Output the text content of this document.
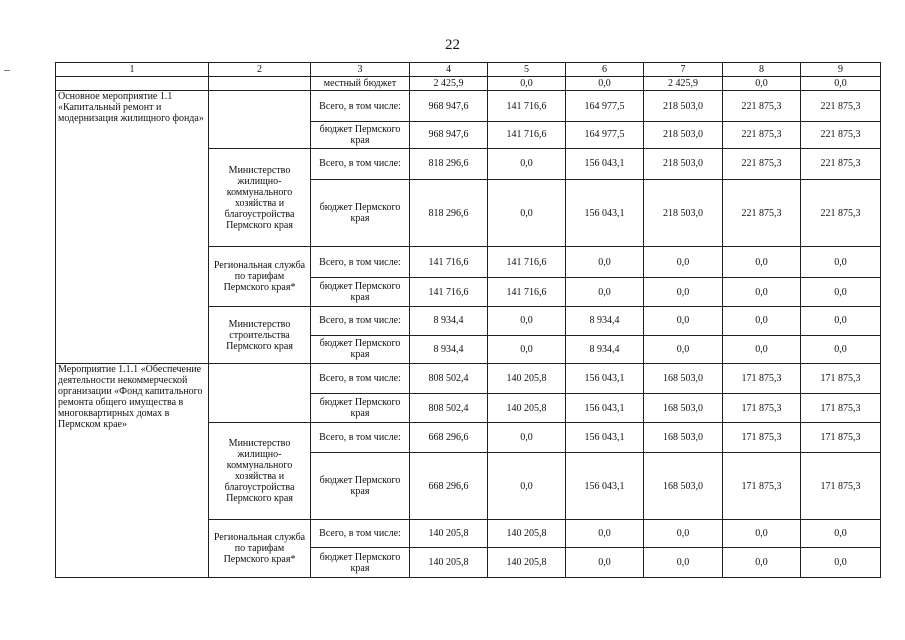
22
1	2	3	4	5	6	7	8	9
		местный бюджет	2 425,9	0,0	0,0	2 425,9	0,0	0,0
Основное мероприятие 1.1 «Капитальный ремонт и модернизация жилищного фонда»		Всего, в том числе:	968 947,6	141 716,6	164 977,5	218 503,0	221 875,3	221 875,3
		бюджет Пермского края	968 947,6	141 716,6	164 977,5	218 503,0	221 875,3	221 875,3
	Министерство жилищно-коммунального хозяйства и благоустройства Пермского края	Всего, в том числе:	818 296,6	0,0	156 043,1	218 503,0	221 875,3	221 875,3
		бюджет Пермского края	818 296,6	0,0	156 043,1	218 503,0	221 875,3	221 875,3
	Региональная служба по тарифам Пермского края*	Всего, в том числе:	141 716,6	141 716,6	0,0	0,0	0,0	0,0
		бюджет Пермского края	141 716,6	141 716,6	0,0	0,0	0,0	0,0
	Министерство строительства Пермского края	Всего, в том числе:	8 934,4	0,0	8 934,4	0,0	0,0	0,0
		бюджет Пермского края	8 934,4	0,0	8 934,4	0,0	0,0	0,0
Мероприятие 1.1.1 «Обеспечение деятельности некоммерческой организации «Фонд капитального ремонта общего имущества в многоквартирных домах в Пермском крае»		Всего, в том числе:	808 502,4	140 205,8	156 043,1	168 503,0	171 875,3	171 875,3
		бюджет Пермского края	808 502,4	140 205,8	156 043,1	168 503,0	171 875,3	171 875,3
	Министерство жилищно-коммунального хозяйства и благоустройства Пермского края	Всего, в том числе:	668 296,6	0,0	156 043,1	168 503,0	171 875,3	171 875,3
		бюджет Пермского края	668 296,6	0,0	156 043,1	168 503,0	171 875,3	171 875,3
	Региональная служба по тарифам Пермского края*	Всего, в том числе:	140 205,8	140 205,8	0,0	0,0	0,0	0,0
		бюджет Пермского края	140 205,8	140 205,8	0,0	0,0	0,0	0,0
